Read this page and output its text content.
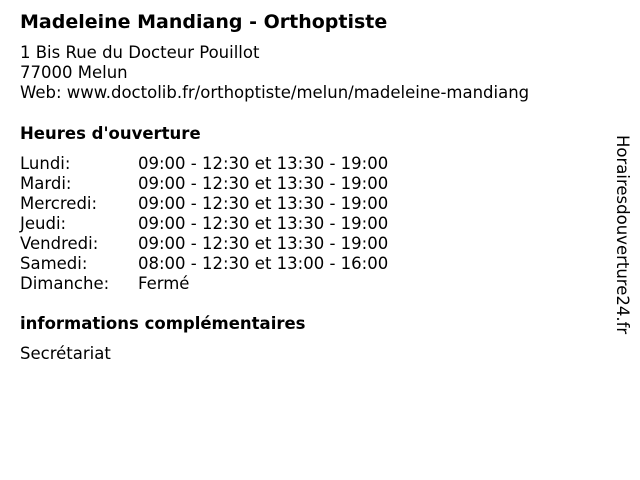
Madeleine Mandiang - Orthoptiste
1 Bis Rue du Docteur Pouillot
77000 Melun
Web: www.doctolib.fr/orthoptiste/melun/madeleine-mandiang
Heures d'ouverture
Lundi:	09:00 - 12:30 et 13:30 - 19:00
Mardi:	09:00 - 12:30 et 13:30 - 19:00
Mercredi: 09:00 - 12:30 et 13:30 - 19:00
Jeudi:	09:00 - 12:30 et 13:30 - 19:00
Vendredi: 09:00 - 12:30 et 13:30 - 19:00
Samedi:	08:00 - 12:30 et 13:00 - 16:00
Dimanche: Fermé
informations complémentaires
Secrétariat
Horairesdouverture24.fr
